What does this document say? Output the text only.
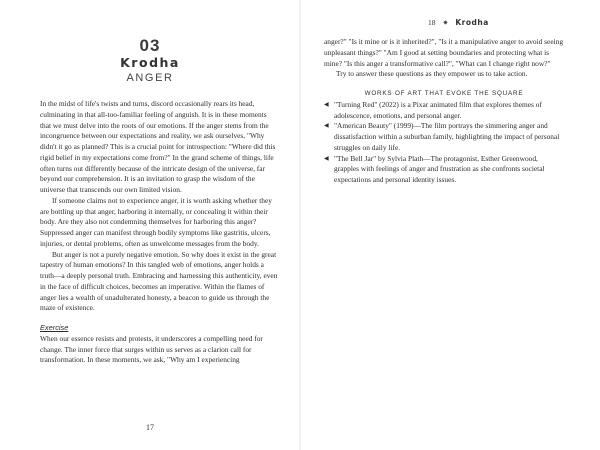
03
Krodha
ANGER

In the midst of life's twists and turns, discord occasionally rears its head, culminating in that all-too-familiar feeling of anguish. It is in these moments that we must delve into the roots of our emotions. If the anger stems from the incongruence between our expectations and reality, we ask ourselves, "Why didn't it go as planned? This is a crucial point for introspection: "Where did this rigid belief in my expectations come from?" In the grand scheme of things, life often turns out differently because of the intricate design of the universe, far beyond our comprehension. It is an invitation to grasp the wisdom of the universe that transcends our own limited vision.

If someone claims not to experience anger, it is worth asking whether they are bottling up that anger, harboring it internally, or concealing it within their body. Are they also not condemning themselves for harboring this anger? Suppressed anger can manifest through bodily symptoms like gastritis, ulcers, injuries, or dental problems, often as unwelcome messages from the body.

But anger is not a purely negative emotion. So why does it exist in the great tapestry of human emotions? In this tangled web of emotions, anger holds a truth—a deeply personal truth. Embracing and harnessing this authenticity, even in the face of difficult choices, becomes an imperative. Within the flames of anger lies a wealth of unadulterated honesty, a beacon to guide us through the maze of existence.

Exercise

When our essence resists and protests, it underscores a compelling need for change. The inner force that surges within us serves as a clarion call for transformation. In these moments, we ask, "Why am I experiencing

17
18 ✷ Krodha

anger?" "Is it mine or is it inherited?", "Is it a manipulative anger to avoid seeing unpleasant things?" "Am I good at setting boundaries and protecting what is mine? "Is this anger a transformative call?", "What can I change right now?"

Try to answer these questions as they empower us to take action.

WORKS OF ART THAT EVOKE THE SQUARE
◀ "Turning Red" (2022) is a Pixar animated film that explores themes of adolescence, emotions, and personal anger.
◀ "American Beauty" (1999)—The film portrays the simmering anger and dissatisfaction within a suburban family, highlighting the impact of personal struggles on daily life.
◀ "The Bell Jar" by Sylvia Plath—The protagonist, Esther Greenwood, grapples with feelings of anger and frustration as she confronts societal expectations and personal identity issues.
